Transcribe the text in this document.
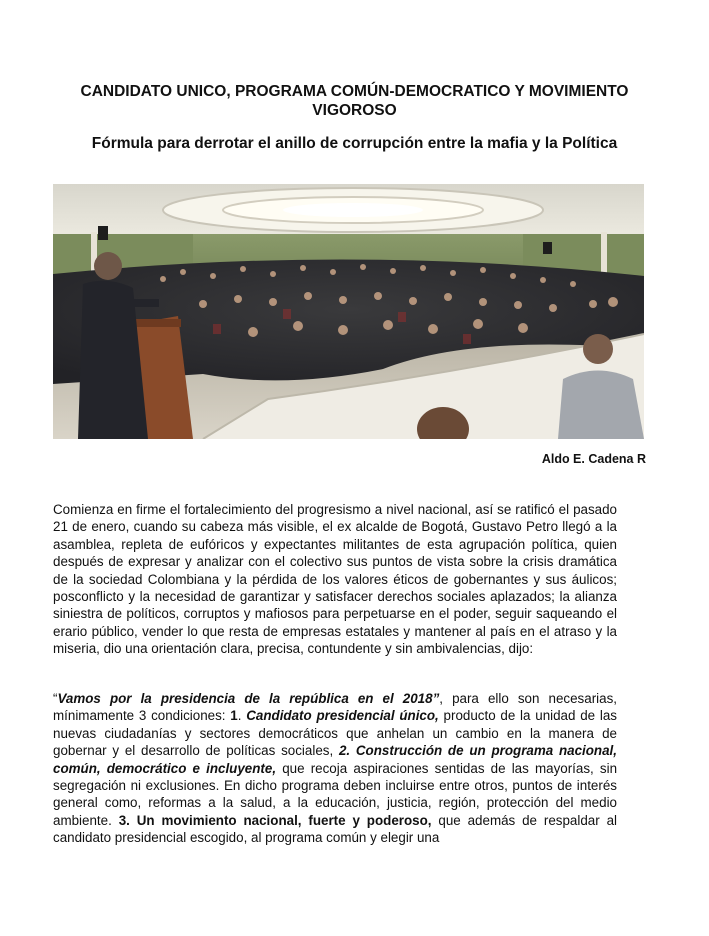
CANDIDATO UNICO, PROGRAMA COMÚN-DEMOCRATICO Y MOVIMIENTO VIGOROSO
Fórmula para derrotar el anillo de corrupción entre la mafia y la Política
Aldo E. Cadena R

Comienza en firme el fortalecimiento del progresismo a nivel nacional, así se ratificó el pasado 21 de enero, cuando su cabeza más visible, el ex alcalde de Bogotá, Gustavo Petro llegó a la asamblea, repleta de eufóricos y expectantes militantes de esta agrupación política, quien después de expresar y analizar con el colectivo sus puntos de vista sobre la crisis dramática de la sociedad Colombiana y la pérdida de los valores éticos de gobernantes y sus áulicos; posconflicto y la necesidad de garantizar y satisfacer derechos sociales aplazados; la alianza siniestra de políticos, corruptos y mafiosos para perpetuarse en el poder, seguir saqueando el erario público, vender lo que resta de empresas estatales y mantener al país en el atraso y la miseria, dio una orientación clara, precisa, contundente y sin ambivalencias, dijo:

“Vamos por la presidencia de la república en el 2018”, para ello son necesarias, mínimamente 3 condiciones: 1. Candidato presidencial único, producto de la unidad de las nuevas ciudadanías y sectores democráticos que anhelan un cambio en la manera de gobernar y el desarrollo de políticas sociales, 2. Construcción de un programa nacional, común, democrático e incluyente, que recoja aspiraciones sentidas de las mayorías, sin segregación ni exclusiones. En dicho programa deben incluirse entre otros, puntos de interés general como, reformas a la salud, a la educación, justicia, región, protección del medio ambiente. 3. Un movimiento nacional, fuerte y poderoso, que además de respaldar al candidato presidencial escogido, al programa común y elegir una
